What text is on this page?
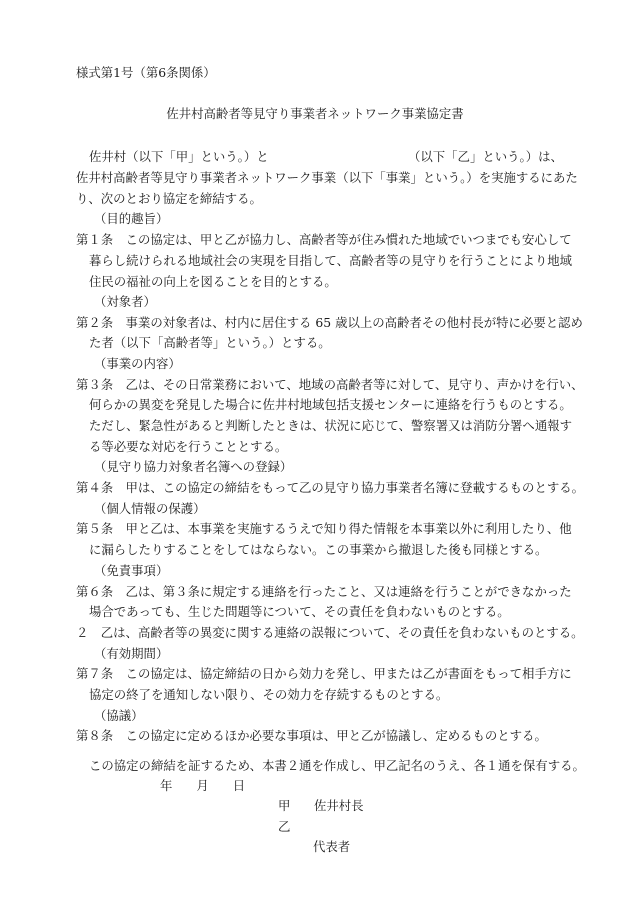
様式第1号（第6条関係）
佐井村高齢者等見守り事業者ネットワーク事業協定書
佐井村（以下「甲」という。）と	（以下「乙」という。）は、
佐井村高齢者等見守り事業者ネットワーク事業（以下「事業」という。）を実施するにあた
り、次のとおり協定を締結する。
（目的趣旨）
第１条　この協定は、甲と乙が協力し、高齢者等が住み慣れた地域でいつまでも安心して
暮らし続けられる地域社会の実現を目指して、高齢者等の見守りを行うことにより地域
住民の福祉の向上を図ることを目的とする。
（対象者）
第２条　事業の対象者は、村内に居住する 65 歳以上の高齢者その他村長が特に必要と認め
た者（以下「高齢者等」という。）とする。
（事業の内容）
第３条　乙は、その日常業務において、地域の高齢者等に対して、見守り、声かけを行い、
何らかの異変を発見した場合に佐井村地域包括支援センターに連絡を行うものとする。
ただし、緊急性があると判断したときは、状況に応じて、警察署又は消防分署へ通報す
る等必要な対応を行うこととする。
（見守り協力対象者名簿への登録）
第４条　甲は、この協定の締結をもって乙の見守り協力事業者名簿に登載するものとする。
（個人情報の保護）
第５条　甲と乙は、本事業を実施するうえで知り得た情報を本事業以外に利用したり、他
に漏らしたりすることをしてはならない。この事業から撤退した後も同様とする。
（免責事項）
第６条　乙は、第３条に規定する連絡を行ったこと、又は連絡を行うことができなかった
場合であっても、生じた問題等について、その責任を負わないものとする。
２　乙は、高齢者等の異変に関する連絡の誤報について、その責任を負わないものとする。
（有効期間）
第７条　この協定は、協定締結の日から効力を発し、甲または乙が書面をもって相手方に
協定の終了を通知しない限り、その効力を存続するものとする。
（協議）
第８条　この協定に定めるほか必要な事項は、甲と乙が協議し、定めるものとする。
この協定の締結を証するため、本書２通を作成し、甲乙記名のうえ、各１通を保有する。
年 月 日
甲 佐井村長
乙
代表者
